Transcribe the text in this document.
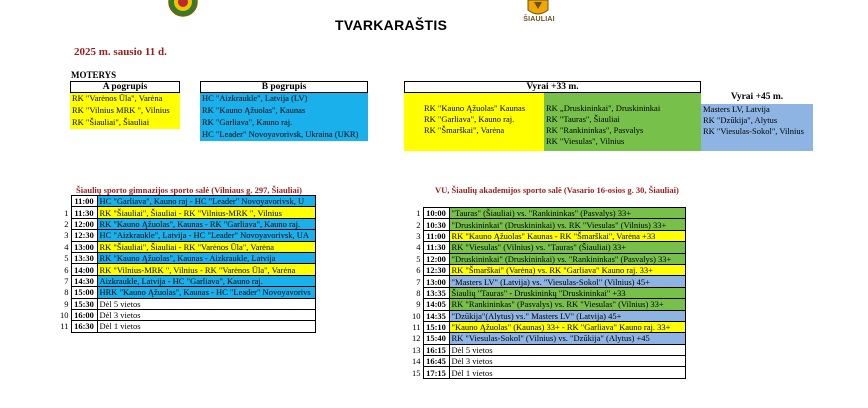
ŠIAULIAI
TVARKARAŠTIS
2025 m. sausio 11 d.
MOTERYS
A pogrupis
RK "Varėnos Ūla", Varėna
RK "Vilnius MRK ", Vilnius
RK "Šiauliai", Šiauliai
B pogrupis
HC "Aizkraukle", Latvija (LV)
RK "Kauno Ąžuolas", Kaunas
RK "Garliava", Kauno raj.
HC "Leader" Novoyavorivsk, Ukraina (UKR)
Vyrai +33 m.
RK "Kauno Ąžuolas" Kaunas
RK "Garliava", Kauno raj.
RK "Šmarškai", Varėna
RK „Druskininkai", Druskininkai
RK "Tauras", Šiauliai
RK "Rankininkas", Pasvalys
RK "Viesulas", Vilnius
Vyrai +45 m.
Masters LV, Latvija
RK "Dzūkija", Alytus
RK "Viesulas-Sokol", Vilnius
Šiaulių sporto gimnazijos sporto salė (Vilniaus g. 297, Šiauliai)
	11:00	HC "Garliava", Kauno raj - HC "Leader" Novoyavorivsk, U
1	11:30	RK "Šiauliai", Šiauliai - RK "Vilnius-MRK ", Vilnius
2	12:00	RK "Kauno Ąžuolas", Kaunas - RK "Garliava", Kauno raj.
3	12:30	HC "Aizkraukle", Latvija - HC "Leader" Novoyavorivsk, UA
4	13:00	RK "Šiauliai", Šiauliai - RK "Varėnos Ūla", Varėna
5	13:30	RK "Kauno Ąžuolas", Kaunas - Aizkraukle, Latvija
6	14:00	RK "Vilnius-MRK ", Vilnius - RK "Varėnos Ūla", Varėna
7	14:30	Aizkraukle, Latvija - HC "Garliava", Kauno raj.
8	15:00	HRK "Kauno Ąžuolas", Kaunas - HC "Leader" Novoyavorivs
9	15:30	Dėl 5 vietos
10	16:00	Dėl 3 vietos
11	16:30	Dėl 1 vietos
VU, Šiaulių akademijos sporto salė (Vasario 16-osios g. 30, Šiauliai)
1	10:00	"Tauras" (Šiauliai) vs. "Rankininkas" (Pasvalys) 33+
2	10:30	"Druskininkai" (Druskininkai) vs. RK "Viesulas" (Vilnius) 33+
3	11:00	RK "Kauno Ąžuolas" Kaunas - RK "Šmarškai", Varėna +33
4	11:30	RK "Viesulas" (Vilnius) vs. "Tauras" (Šiauliai) 33+
5	12:00	"Druskininkai" (Druskininkai) vs. "Rankininkas" (Pasvalys) 33+
6	12:30	RK "Šmarškai" (Varėna) vs. RK "Garliava" Kauno raj. 33+
7	13:00	"Masters LV" (Latvija) vs. "Viesulas-Sokol" (Vilnius) 45+
8	13:35	Šiaulių "Tauras" - Druskininkų "Druskininkai" +33
9	14:05	RK "Rankininkas" (Pasvalys) vs. RK "Viesulas" (Vilnius) 33+
10	14:35	"Dzūkija"(Alytus) vs." Masters LV" (Latvija) 45+
11	15:10	"Kauno Ąžuolas" (Kaunas) 33+ - RK "Garliava" Kauno raj. 33+
12	15:40	RK "Viesulas-Sokol" (Vilnius) vs. "Dzūkija" (Alytus) +45
13	16:15	Dėl 5 vietos
14	16:45	Dėl 3 vietos
15	17:15	Dėl 1 vietos
